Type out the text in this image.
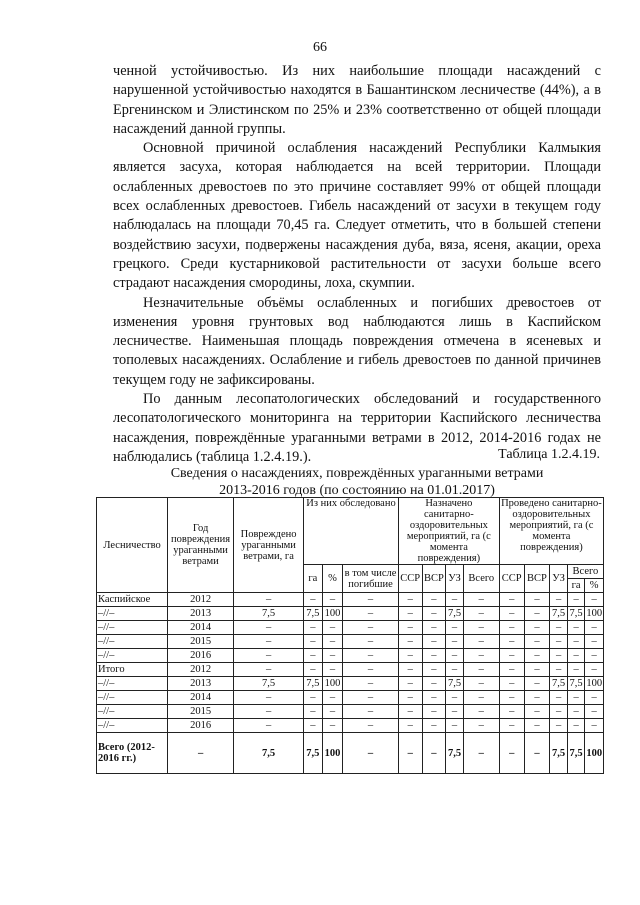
66

ченной устойчивостью. Из них наибольшие площади насаждений с нарушенной устойчивостью находятся в Башантинском лесничестве (44%), а в Ергенинском и Элистинском по 25% и 23% соответственно от общей площади насаждений данной группы.

Основной причиной ослабления насаждений Республики Калмыкия является засуха, которая наблюдается на всей территории. Площади ослабленных древостоев по это причине составляет 99% от общей площади всех ослабленных древостоев. Гибель насаждений от засухи в текущем году наблюдалась на площади 70,45 га. Следует отметить, что в большей степени воздействию засухи, подвержены насаждения дуба, вяза, ясеня, акации, ореха грецкого. Среди кустарниковой растительности от засухи больше всего страдают насаждения смородины, лоха, скумпии.

Незначительные объёмы ослабленных и погибших древостоев от изменения уровня грунтовых вод наблюдаются лишь в Каспийском лесничестве. Наименьшая площадь повреждения отмечена в ясеневых и тополевых насаждениях. Ослабление и гибель древостоев по данной причинев текущем году не зафиксированы.

По данным лесопатологических обследований и государственного лесопатологического мониторинга на территории Каспийского лесничества насаждения, повреждённые ураганными ветрами в 2012, 2014-2016 годах не наблюдались (таблица 1.2.4.19.).	Таблица 1.2.4.19.
Сведения о насаждениях, повреждённых ураганными ветрами
2013-2016 годов (по состоянию на 01.01.2017)
Лесничество	Год повреждения ураганными ветрами	Повреждено ураганными ветрами, га	Из них обследовано			Назначено санитарно-оздоровительных мероприятий, га (с момента повреждения)				Проведено санитарно-оздоровительных мероприятий, га (с момента повреждения)				

			га	%	в том числе погибшие	ССР	ВСР	УЗ	Всего	ССР	ВСР	УЗ	Всего	
													га	%
Каспийское	2012	–	–	–	–	–	–	–	–	–	–	–	–	–
–//–	2013	7,5	7,5	100	–	–	–	7,5	–	–	–	7,5	7,5	100
–//–	2014	–	–	–	–	–	–	–	–	–	–	–	–	–
–//–	2015	–	–	–	–	–	–	–	–	–	–	–	–	–
–//–	2016	–	–	–	–	–	–	–	–	–	–	–	–	–
Итого	2012	–	–	–	–	–	–	–	–	–	–	–	–	–
–//–	2013	7,5	7,5	100	–	–	–	7,5	–	–	–	7,5	7,5	100
–//–	2014	–	–	–	–	–	–	–	–	–	–	–	–	–
–//–	2015	–	–	–	–	–	–	–	–	–	–	–	–	–
–//–	2016	–	–	–	–	–	–	–	–	–	–	–	–	–
Всего (2012-2016 гг.)	–	7,5	7,5	100	–	–	–	7,5	–	–	–	7,5	7,5	100
